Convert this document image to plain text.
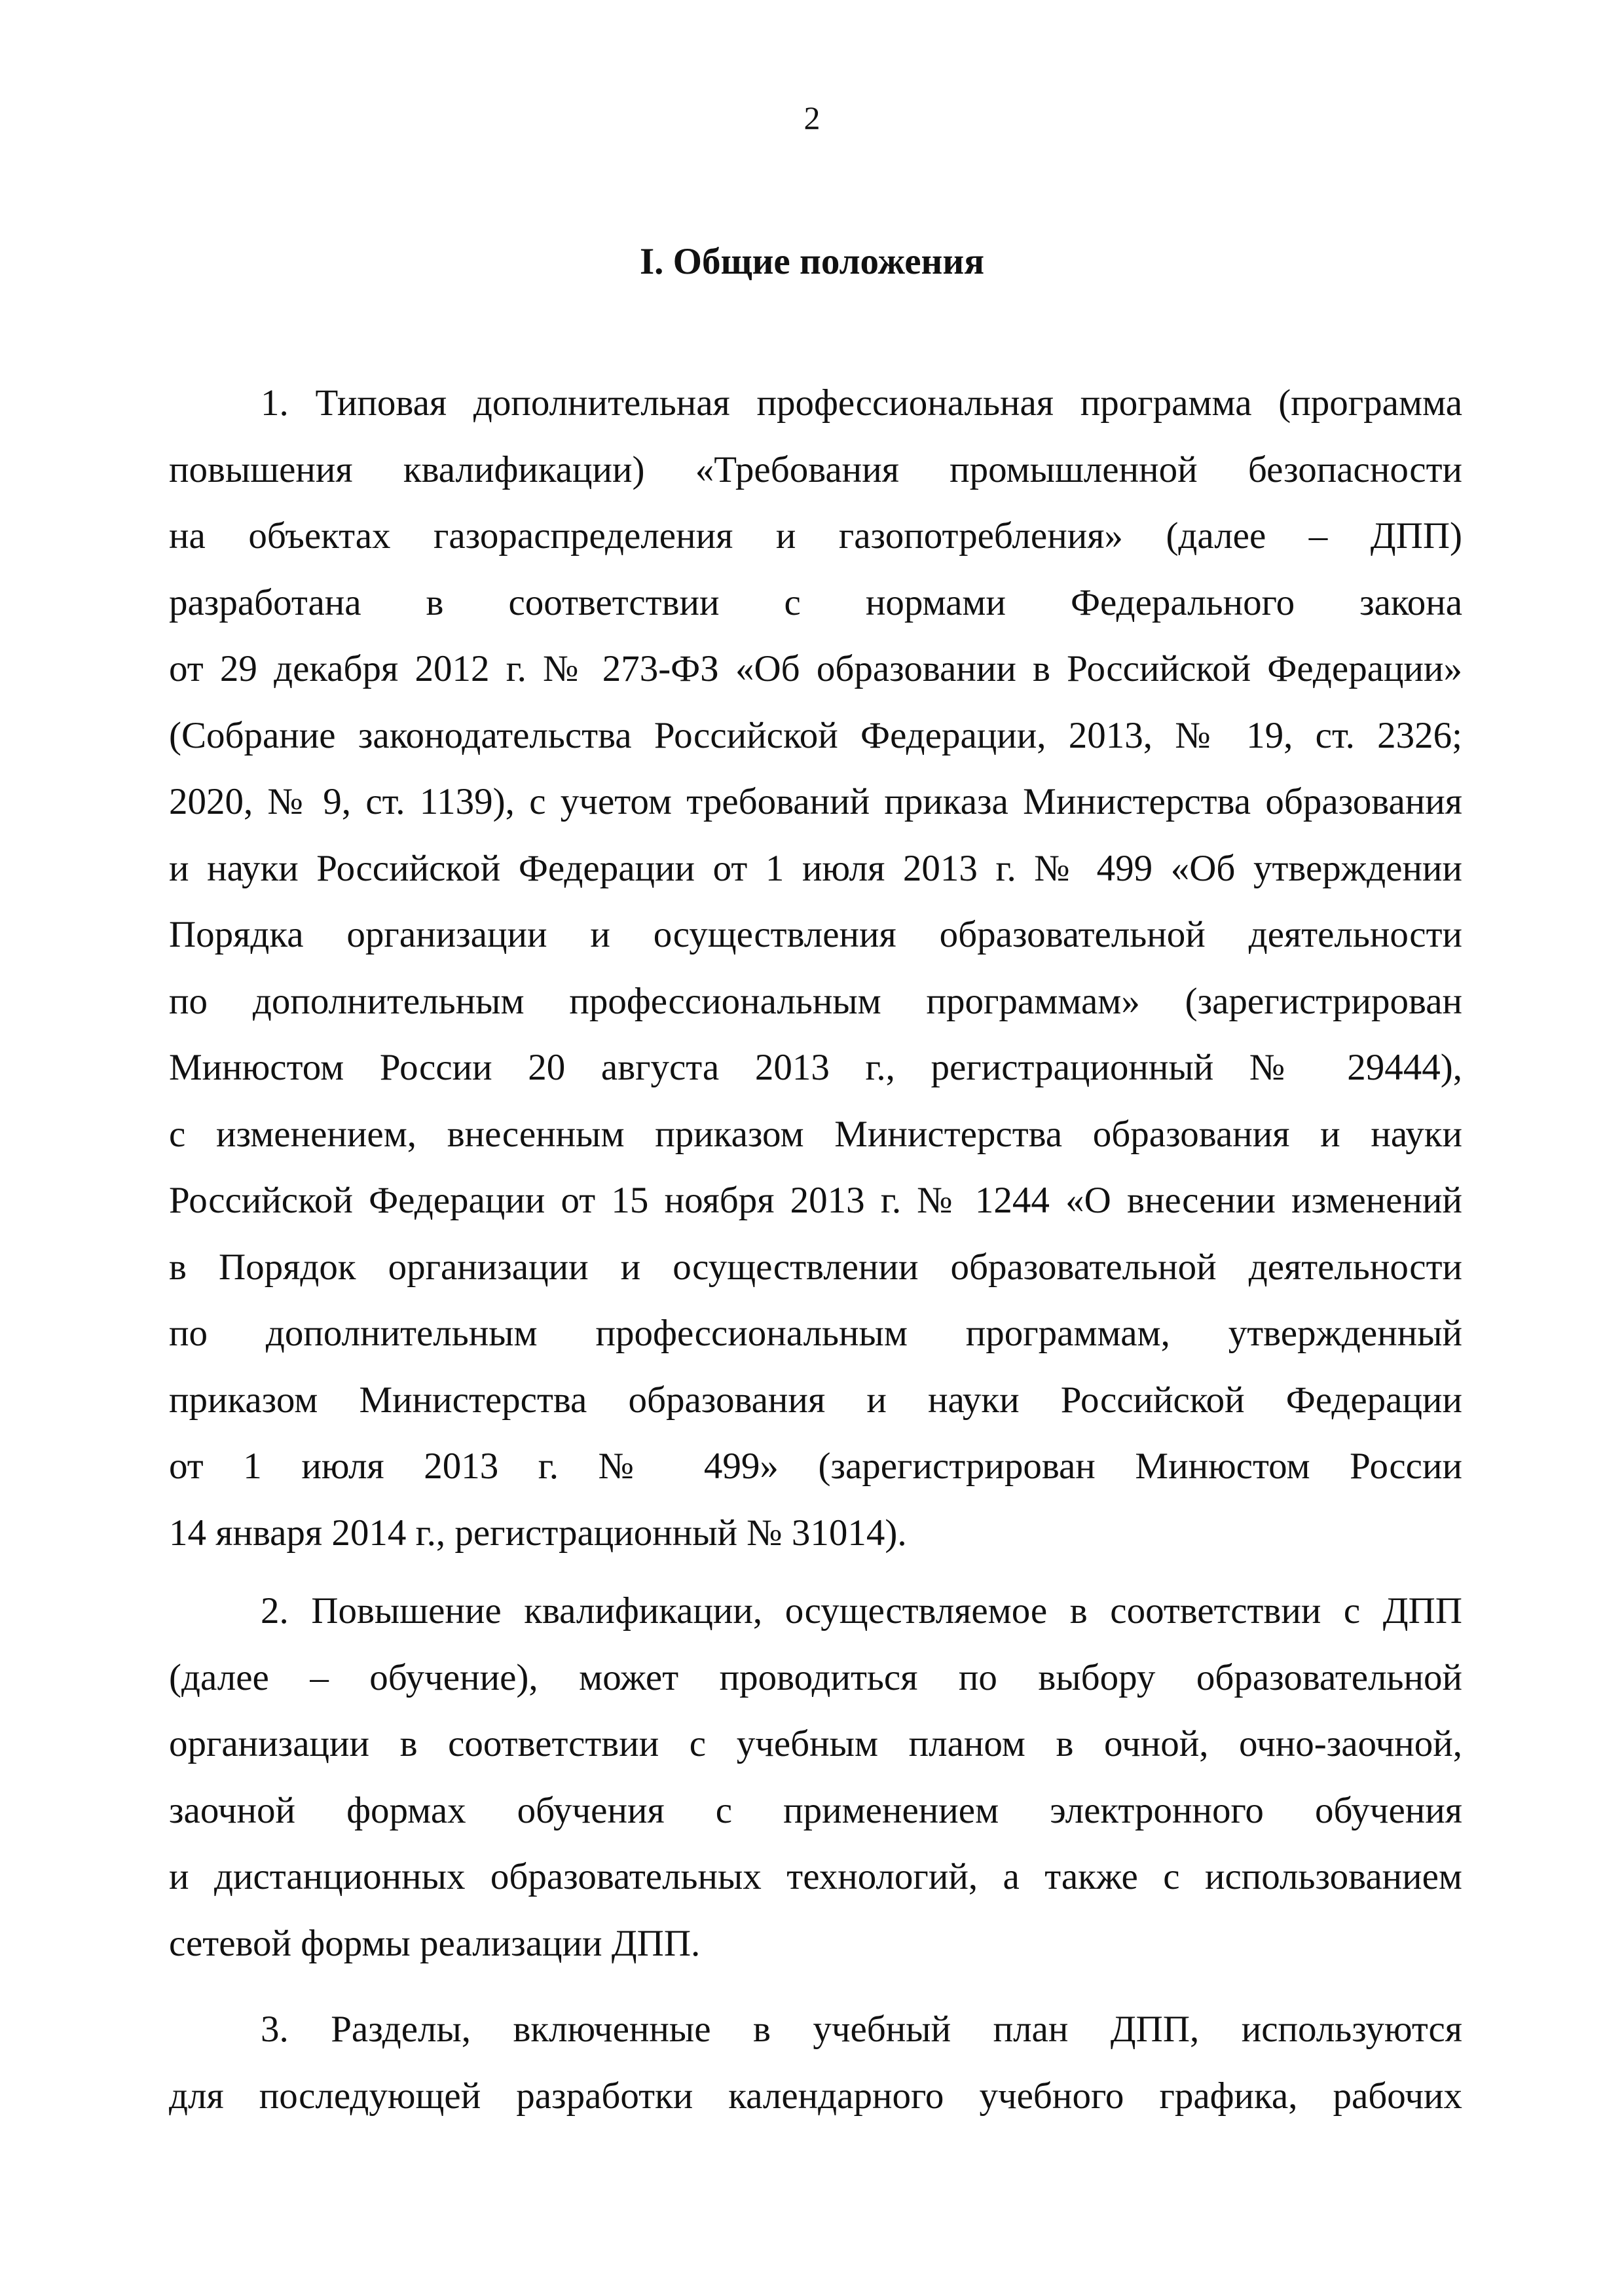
2
I. Общие положения
1. Типовая дополнительная профессиональная программа (программа
повышения квалификации) «Требования промышленной безопасности
на объектах газораспределения и газопотребления» (далее – ДПП)
разработана в соответствии с нормами Федерального закона
от 29 декабря 2012 г. № 273-ФЗ «Об образовании в Российской Федерации»
(Собрание законодательства Российской Федерации, 2013, № 19, ст. 2326;
2020, № 9, ст. 1139), с учетом требований приказа Министерства образования
и науки Российской Федерации от 1 июля 2013 г. № 499 «Об утверждении
Порядка организации и осуществления образовательной деятельности
по дополнительным профессиональным программам» (зарегистрирован
Минюстом России 20 августа 2013 г., регистрационный № 29444),
с изменением, внесенным приказом Министерства образования и науки
Российской Федерации от 15 ноября 2013 г. № 1244 «О внесении изменений
в Порядок организации и осуществлении образовательной деятельности
по дополнительным профессиональным программам, утвержденный
приказом Министерства образования и науки Российской Федерации
от 1 июля 2013 г. № 499» (зарегистрирован Минюстом России
14 января 2014 г., регистрационный № 31014).
2. Повышение квалификации, осуществляемое в соответствии с ДПП
(далее – обучение), может проводиться по выбору образовательной
организации в соответствии с учебным планом в очной, очно-заочной,
заочной формах обучения с применением электронного обучения
и дистанционных образовательных технологий, а также с использованием
сетевой формы реализации ДПП.
3. Разделы, включенные в учебный план ДПП, используются
для последующей разработки календарного учебного графика, рабочих
